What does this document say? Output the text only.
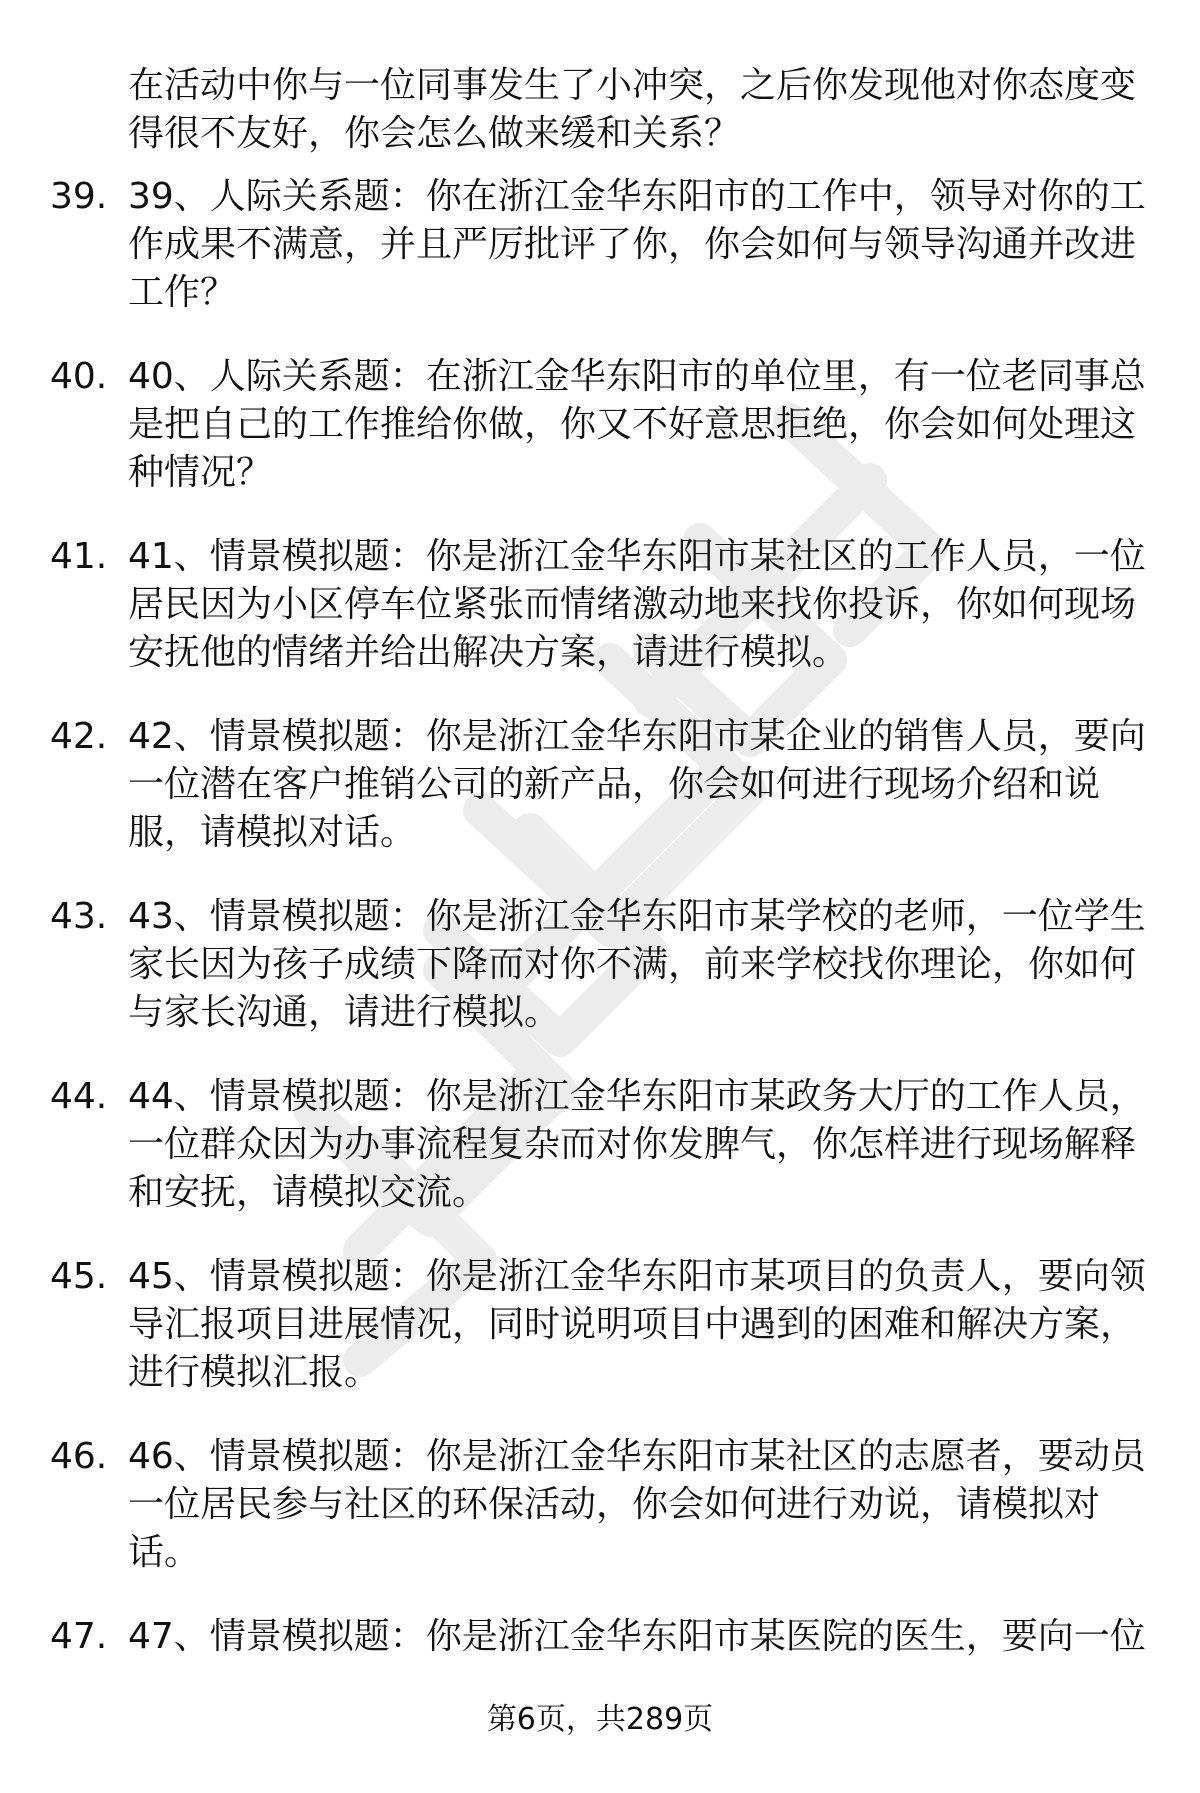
在活动中你与一位同事发生了小冲突，之后你发现他对你态度变得很不友好，你会怎么做来缓和关系？

39. 39、人际关系题：你在浙江金华东阳市的工作中，领导对你的工作成果不满意，并且严厉批评了你，你会如何与领导沟通并改进工作？
40. 40、人际关系题：在浙江金华东阳市的单位里，有一位老同事总是把自己的工作推给你做，你又不好意思拒绝，你会如何处理这种情况？
41. 41、情景模拟题：你是浙江金华东阳市某社区的工作人员，一位居民因为小区停车位紧张而情绪激动地来找你投诉，你如何现场安抚他的情绪并给出解决方案，请进行模拟。
42. 42、情景模拟题：你是浙江金华东阳市某企业的销售人员，要向一位潜在客户推销公司的新产品，你会如何进行现场介绍和说服，请模拟对话。
43. 43、情景模拟题：你是浙江金华东阳市某学校的老师，一位学生家长因为孩子成绩下降而对你不满，前来学校找你理论，你如何与家长沟通，请进行模拟。
44. 44、情景模拟题：你是浙江金华东阳市某政务大厅的工作人员，一位群众因为办事流程复杂而对你发脾气，你怎样进行现场解释和安抚，请模拟交流。
45. 45、情景模拟题：你是浙江金华东阳市某项目的负责人，要向领导汇报项目进展情况，同时说明项目中遇到的困难和解决方案，进行模拟汇报。
46. 46、情景模拟题：你是浙江金华东阳市某社区的志愿者，要动员一位居民参与社区的环保活动，你会如何进行劝说，请模拟对话。
47. 47、情景模拟题：你是浙江金华东阳市某医院的医生，要向一位
第6页，共289页
